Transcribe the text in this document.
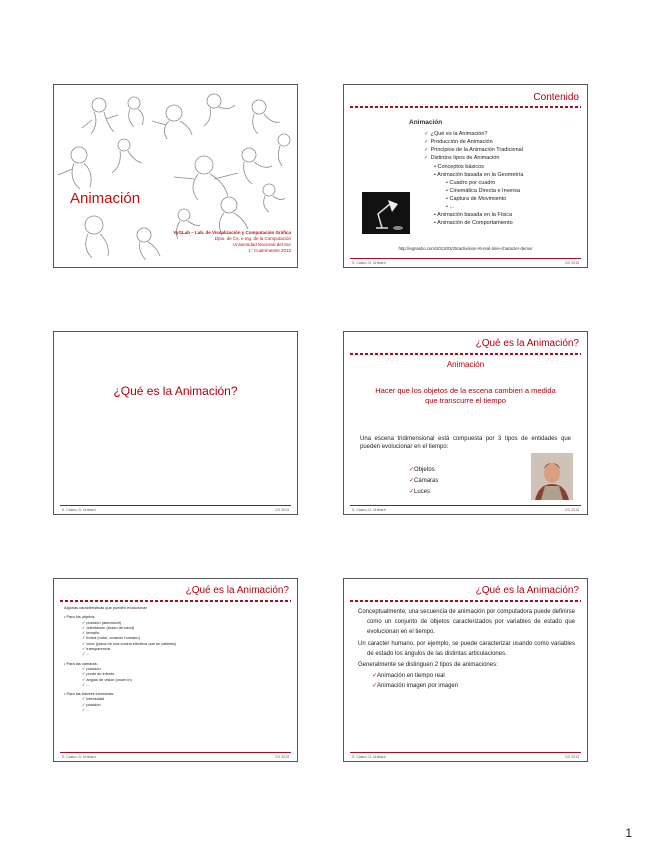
Animación
VyGLab – Lab. de Visualización y Computación Gráfica
Dpto. de Cs. e Ing. de la Computación
Universidad Nacional del Sur
1° Cuatrimestre 2013
Contenido
Animación
✓ ¿Qué es la Animación?
✓ Producción de Animación
✓ Principios de la Animación Tradicional
✓ Distintos tipos de Animación
• Conceptos básicos
• Animación basada en la Geometría
• Cuadro por cuadro
• Cinemática Directa e Inversa
• Captura de Movimiento
• ...
• Animación basada en la Física
• Animación de Comportamiento
http://egnastio.com/2013/03/25/activision-r6-real-time-character-demo/
S. Castro, D. Urribarri	CG 2013
¿Qué es la Animación?
S. Castro, D. Urribarri	CG 2013
¿Qué es la Animación?
Animación
Hacer que los objetos de la escena cambien a medida
que transcurre el tiempo
Una escena tridimensional está compuesta por 3 tipos de entidades que pueden evolucionar en el tiempo:
✓Objetos
✓Cámaras
✓Luces
S. Castro, D. Urribarri	CG 2013
¿Qué es la Animación?
Algunas características que pueden evolucionar
• Para los objetos:
✓ posición (automóvil)
✓ orientación (brazo de robot)
✓ tamaño
✓ forma (nube, corazón humano)
✓ color (placa de una cocina eléctrica que se calienta)
✓ transparencia
✓ ...
• Para las cámaras:
✓ posición
✓ punto de interés
✓ ángulo de visión (zoom in)
✓ ...
• Para las fuentes luminosas:
✓ intensidad
✓ posición
✓ ...
S. Castro, D. Urribarri	CG 2013
¿Qué es la Animación?

Conceptualmente, una secuencia de animación por computadora puede definirse como un conjunto de objetos caracterizados por variables de estado que evolucionan en el tiempo.

Un caracter humano, por ejemplo, se puede caracterizar usando como variables de estado los ángulos de las distintas articulaciones.

Generalmente se distinguen 2 tipos de animaciones:

✓Animación en tiempo real
✓Animación imagen por imagen
S. Castro, D. Urribarri	CG 2013
1
